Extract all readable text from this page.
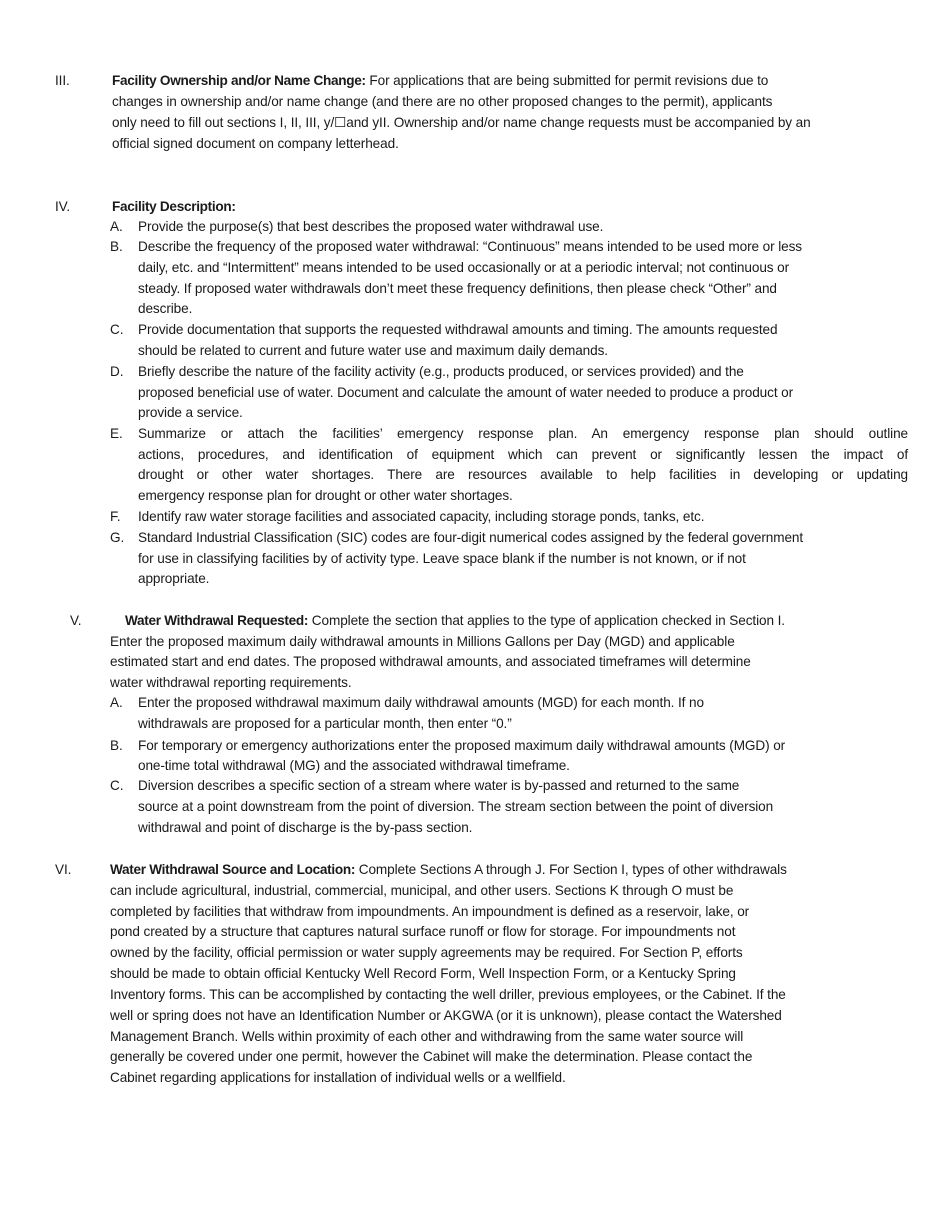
III.	Facility Ownership and/or Name Change: For applications that are being submitted for permit revisions due to
changes in ownership and/or name change (and there are no other proposed changes to the permit), applicants
only need to fill out sections I, II, III, у/☐and уII. Ownership and/or name change requests must be accompanied by an
official signed document on company letterhead.
IV.	Facility Description:
A. Provide the purpose(s) that best describes the proposed water withdrawal use.
B. Describe the frequency of the proposed water withdrawal: “Continuous” means intended to be used more or less
daily, etc. and “Intermittent” means intended to be used occasionally or at a periodic interval; not continuous or
steady. If proposed water withdrawals don’t meet these frequency definitions, then please check “Other” and
describe.
C. Provide documentation that supports the requested withdrawal amounts and timing. The amounts requested
should be related to current and future water use and maximum daily demands.
D. Briefly describe the nature of the facility activity (e.g., products produced, or services provided) and the
proposed beneficial use of water. Document and calculate the amount of water needed to produce a product or
provide a service.
E. Summarize or attach the facilities’ emergency response plan. An emergency response plan should outline
actions, procedures, and identification of equipment which can prevent or significantly lessen the impact of
drought or other water shortages. There are resources available to help facilities in developing or updating
emergency response plan for drought or other water shortages.
F. Identify raw water storage facilities and associated capacity, including storage ponds, tanks, etc.
G. Standard Industrial Classification (SIC) codes are four-digit numerical codes assigned by the federal government
for use in classifying facilities by of activity type. Leave space blank if the number is not known, or if not
appropriate.
V.	Water Withdrawal Requested: Complete the section that applies to the type of application checked in Section I.
Enter the proposed maximum daily withdrawal amounts in Millions Gallons per Day (MGD) and applicable
estimated start and end dates. The proposed withdrawal amounts, and associated timeframes will determine
water withdrawal reporting requirements.
A. Enter the proposed withdrawal maximum daily withdrawal amounts (MGD) for each month. If no
withdrawals are proposed for a particular month, then enter “0.”
B. For temporary or emergency authorizations enter the proposed maximum daily withdrawal amounts (MGD) or
one-time total withdrawal (MG) and the associated withdrawal timeframe.
C. Diversion describes a specific section of a stream where water is by-passed and returned to the same
source at a point downstream from the point of diversion. The stream section between the point of diversion
withdrawal and point of discharge is the by-pass section.
VI.	Water Withdrawal Source and Location: Complete Sections A through J. For Section I, types of other withdrawals
can include agricultural, industrial, commercial, municipal, and other users. Sections K through O must be
completed by facilities that withdraw from impoundments. An impoundment is defined as a reservoir, lake, or
pond created by a structure that captures natural surface runoff or flow for storage. For impoundments not
owned by the facility, official permission or water supply agreements may be required. For Section P, efforts
should be made to obtain official Kentucky Well Record Form, Well Inspection Form, or a Kentucky Spring
Inventory forms. This can be accomplished by contacting the well driller, previous employees, or the Cabinet. If the
well or spring does not have an Identification Number or AKGWA (or it is unknown), please contact the Watershed
Management Branch. Wells within proximity of each other and withdrawing from the same water source will
generally be covered under one permit, however the Cabinet will make the determination. Please contact the
Cabinet regarding applications for installation of individual wells or a wellfield.
